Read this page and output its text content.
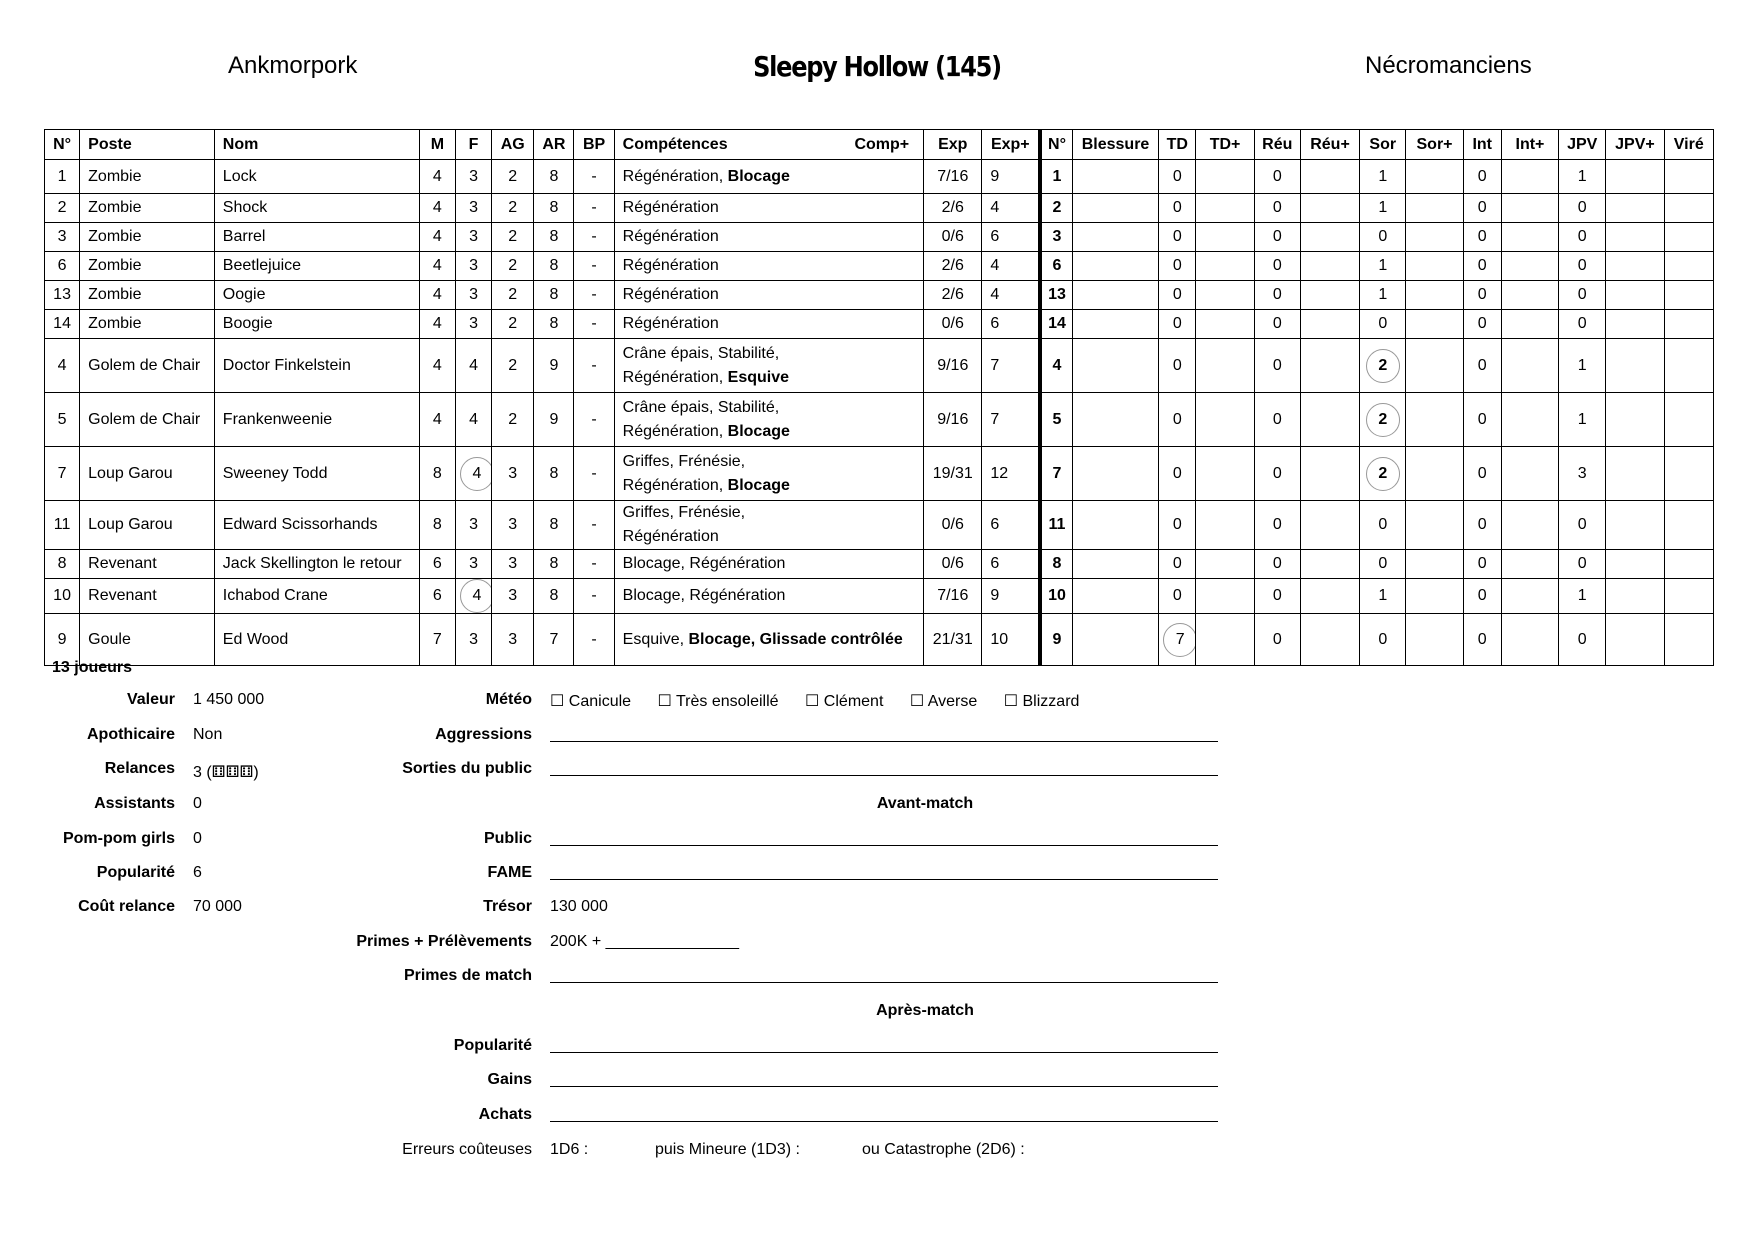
Ankmorpork	Sleepy Hollow (145)	Nécromanciens
N°	Poste	Nom	M	F	AG	AR	BP	Compétences Comp+	Exp	Exp+	N°	Blessure	TD	TD+	Réu	Réu+	Sor	Sor+	Int	Int+	JPV	JPV+	Viré
1	Zombie	Lock	4	3	2	8	-	Régénération, Blocage	7/16	9	1		0		0		1		0		1		
2	Zombie	Shock	4	3	2	8	-	Régénération	2/6	4	2		0		0		1		0		0		
3	Zombie	Barrel	4	3	2	8	-	Régénération	0/6	6	3		0		0		0		0		0		
6	Zombie	Beetlejuice	4	3	2	8	-	Régénération	2/6	4	6		0		0		1		0		0		
13	Zombie	Oogie	4	3	2	8	-	Régénération	2/6	4	13		0		0		1		0		0		
14	Zombie	Boogie	4	3	2	8	-	Régénération	0/6	6	14		0		0		0		0		0		
4	Golem de Chair	Doctor Finkelstein	4	4	2	9	-	Crâne épais, Stabilité,
Régénération, Esquive	9/16	7	4		0		0		2		0		1		
5	Golem de Chair	Frankenweenie	4	4	2	9	-	Crâne épais, Stabilité,
Régénération, Blocage	9/16	7	5		0		0		2		0		1		
7	Loup Garou	Sweeney Todd	8	4	3	8	-	Griffes, Frénésie,
Régénération, Blocage	19/31	12	7		0		0		2		0		3		
11	Loup Garou	Edward Scissorhands	8	3	3	8	-	Griffes, Frénésie,
Régénération	0/6	6	11		0		0		0		0		0		
8	Revenant	Jack Skellington le retour	6	3	3	8	-	Blocage, Régénération	0/6	6	8		0		0		0		0		0		
10	Revenant	Ichabod Crane	6	4	3	8	-	Blocage, Régénération	7/16	9	10		0		0		1		0		1		
9	Goule	Ed Wood	7	3	3	7	-	Esquive, Blocage, Glissade contrôlée	21/31	10	9		7		0		0		0		0		
13 joueurs
Valeur 1 450 000
Apothicaire Non
Relances 3 (⚅⚅⚅)
Assistants 0
Pom-pom girls 0
Popularité 6
Coût relance 70 000
Météo ☐ Canicule ☐ Très ensoleillé ☐ Clément ☐ Averse ☐ Blizzard
Aggressions
Sorties du public
Avant-match
Public
FAME
Trésor 130 000
Primes + Prélèvements 200K + _______________
Primes de match
Après-match
Popularité
Gains
Achats
Erreurs coûteuses 1D6 :	puis Mineure (1D3) :	ou Catastrophe (2D6) :
